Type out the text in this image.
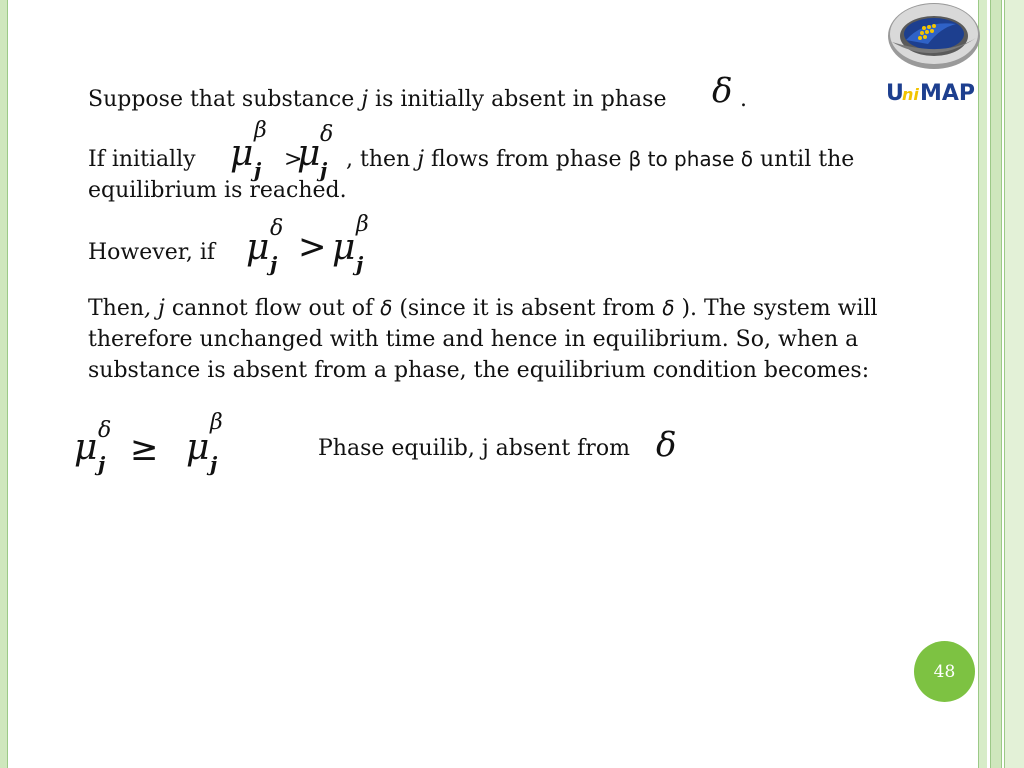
U
ni MAP
Suppose that substance j is initially absent in phase δ .
If initially μ
β
j >
μ δ
j , then j flows from phase β to phase δ until the
equilibrium is reached.
However, if μ δ
j > μ
β
j
Then, j cannot flow out of δ (since it is absent from δ ). The system will therefore unchanged with time and hence in equilibrium. So, when a substance is absent from a phase, the equilibrium condition becomes:
μ δ
j ≥ μ
β
j
Phase equilib, j absent from δ
48
